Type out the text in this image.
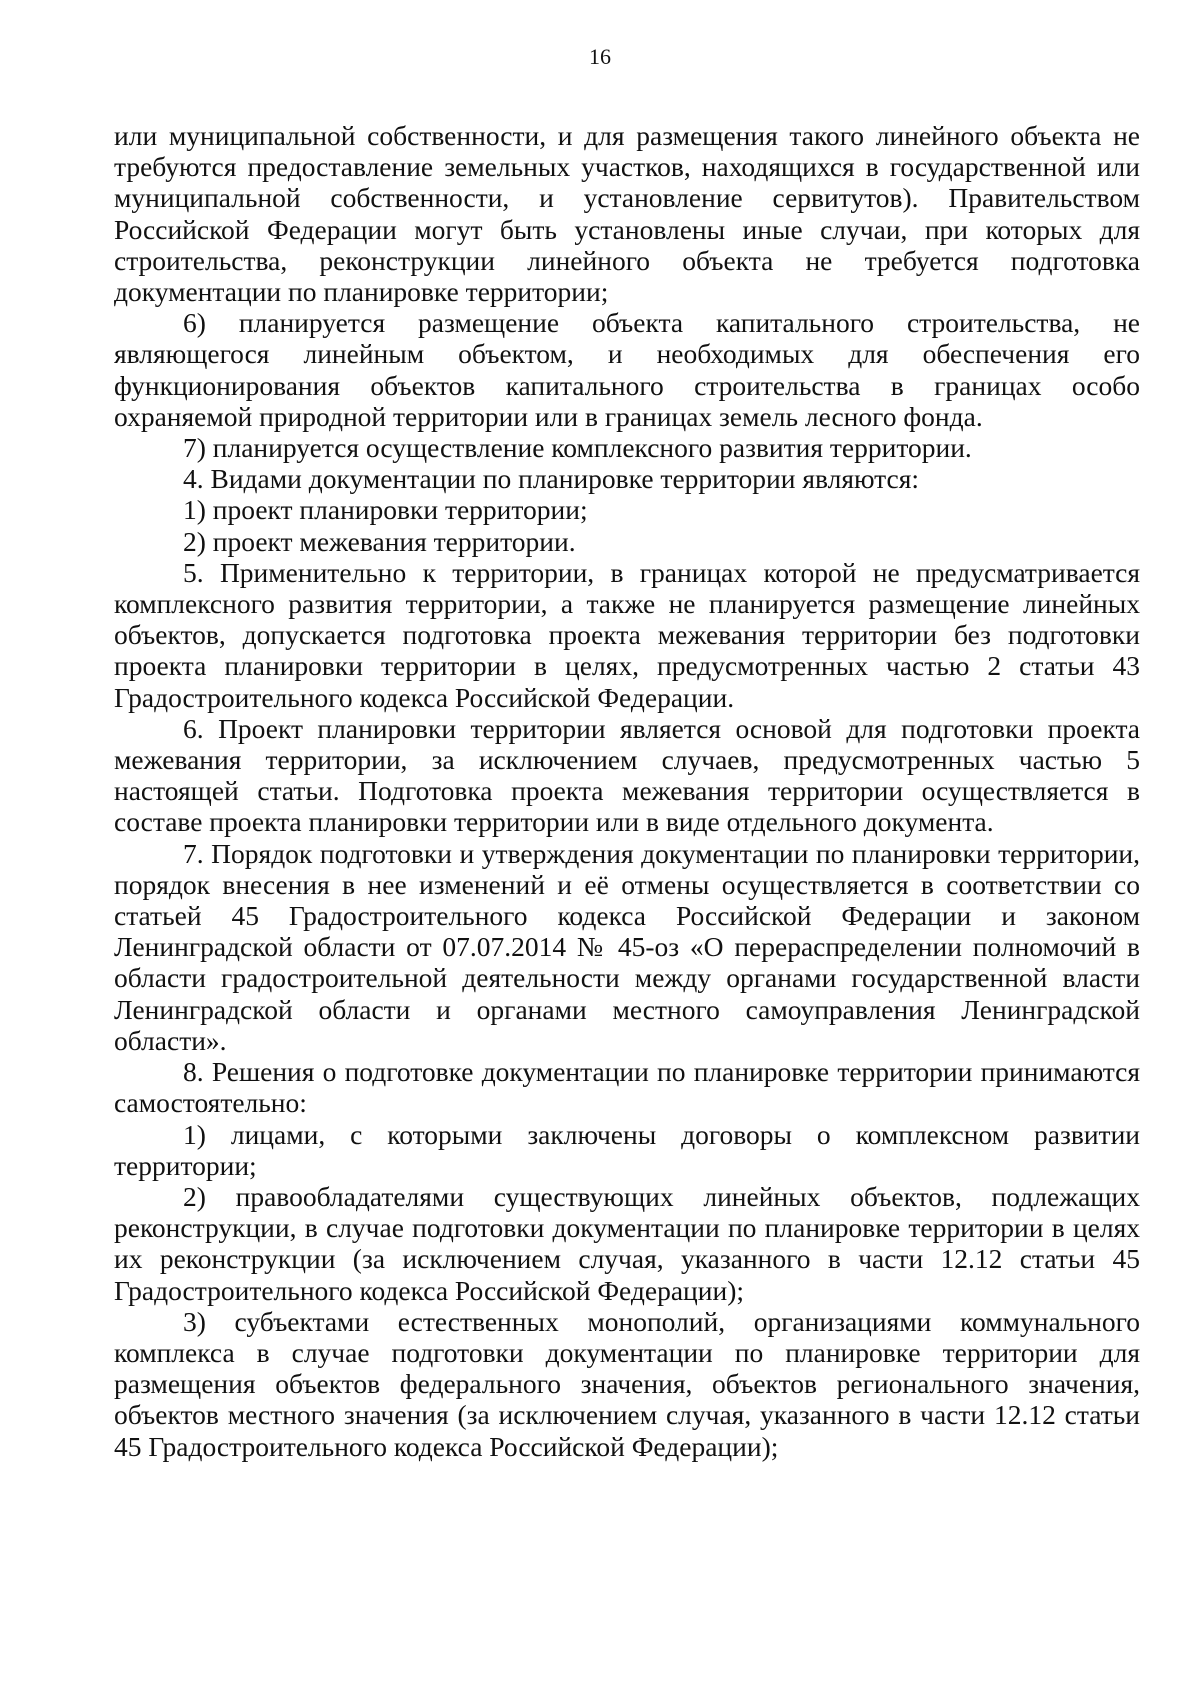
16

или муниципальной собственности, и для размещения такого линейного объекта не требуются предоставление земельных участков, находящихся в государственной или муниципальной собственности, и установление сервитутов). Правительством Российской Федерации могут быть установлены иные случаи, при которых для строительства, реконструкции линейного объекта не требуется подготовка документации по планировке территории;

6) планируется размещение объекта капитального строительства, не являющегося линейным объектом, и необходимых для обеспечения его функционирования объектов капитального строительства в границах особо охраняемой природной территории или в границах земель лесного фонда.

7) планируется осуществление комплексного развития территории.

4. Видами документации по планировке территории являются:

1) проект планировки территории;

2) проект межевания территории.

5. Применительно к территории, в границах которой не предусматривается комплексного развития территории, а также не планируется размещение линейных объектов, допускается подготовка проекта межевания территории без подготовки проекта планировки территории в целях, предусмотренных частью 2 статьи 43 Градостроительного кодекса Российской Федерации.

6. Проект планировки территории является основой для подготовки проекта межевания территории, за исключением случаев, предусмотренных частью 5 настоящей статьи. Подготовка проекта межевания территории осуществляется в составе проекта планировки территории или в виде отдельного документа.

7. Порядок подготовки и утверждения документации по планировки территории, порядок внесения в нее изменений и её отмены осуществляется в соответствии со статьей 45 Градостроительного кодекса Российской Федерации и законом Ленинградской области от 07.07.2014 № 45-оз «О перераспределении полномочий в области градостроительной деятельности между органами государственной власти Ленинградской области и органами местного самоуправления Ленинградской области».

8. Решения о подготовке документации по планировке территории принимаются самостоятельно:

1) лицами, с которыми заключены договоры о комплексном развитии территории;

2) правообладателями существующих линейных объектов, подлежащих реконструкции, в случае подготовки документации по планировке территории в целях их реконструкции (за исключением случая, указанного в части 12.12 статьи 45 Градостроительного кодекса Российской Федерации);

3) субъектами естественных монополий, организациями коммунального комплекса в случае подготовки документации по планировке территории для размещения объектов федерального значения, объектов регионального значения, объектов местного значения (за исключением случая, указанного в части 12.12 статьи 45 Градостроительного кодекса Российской Федерации);
